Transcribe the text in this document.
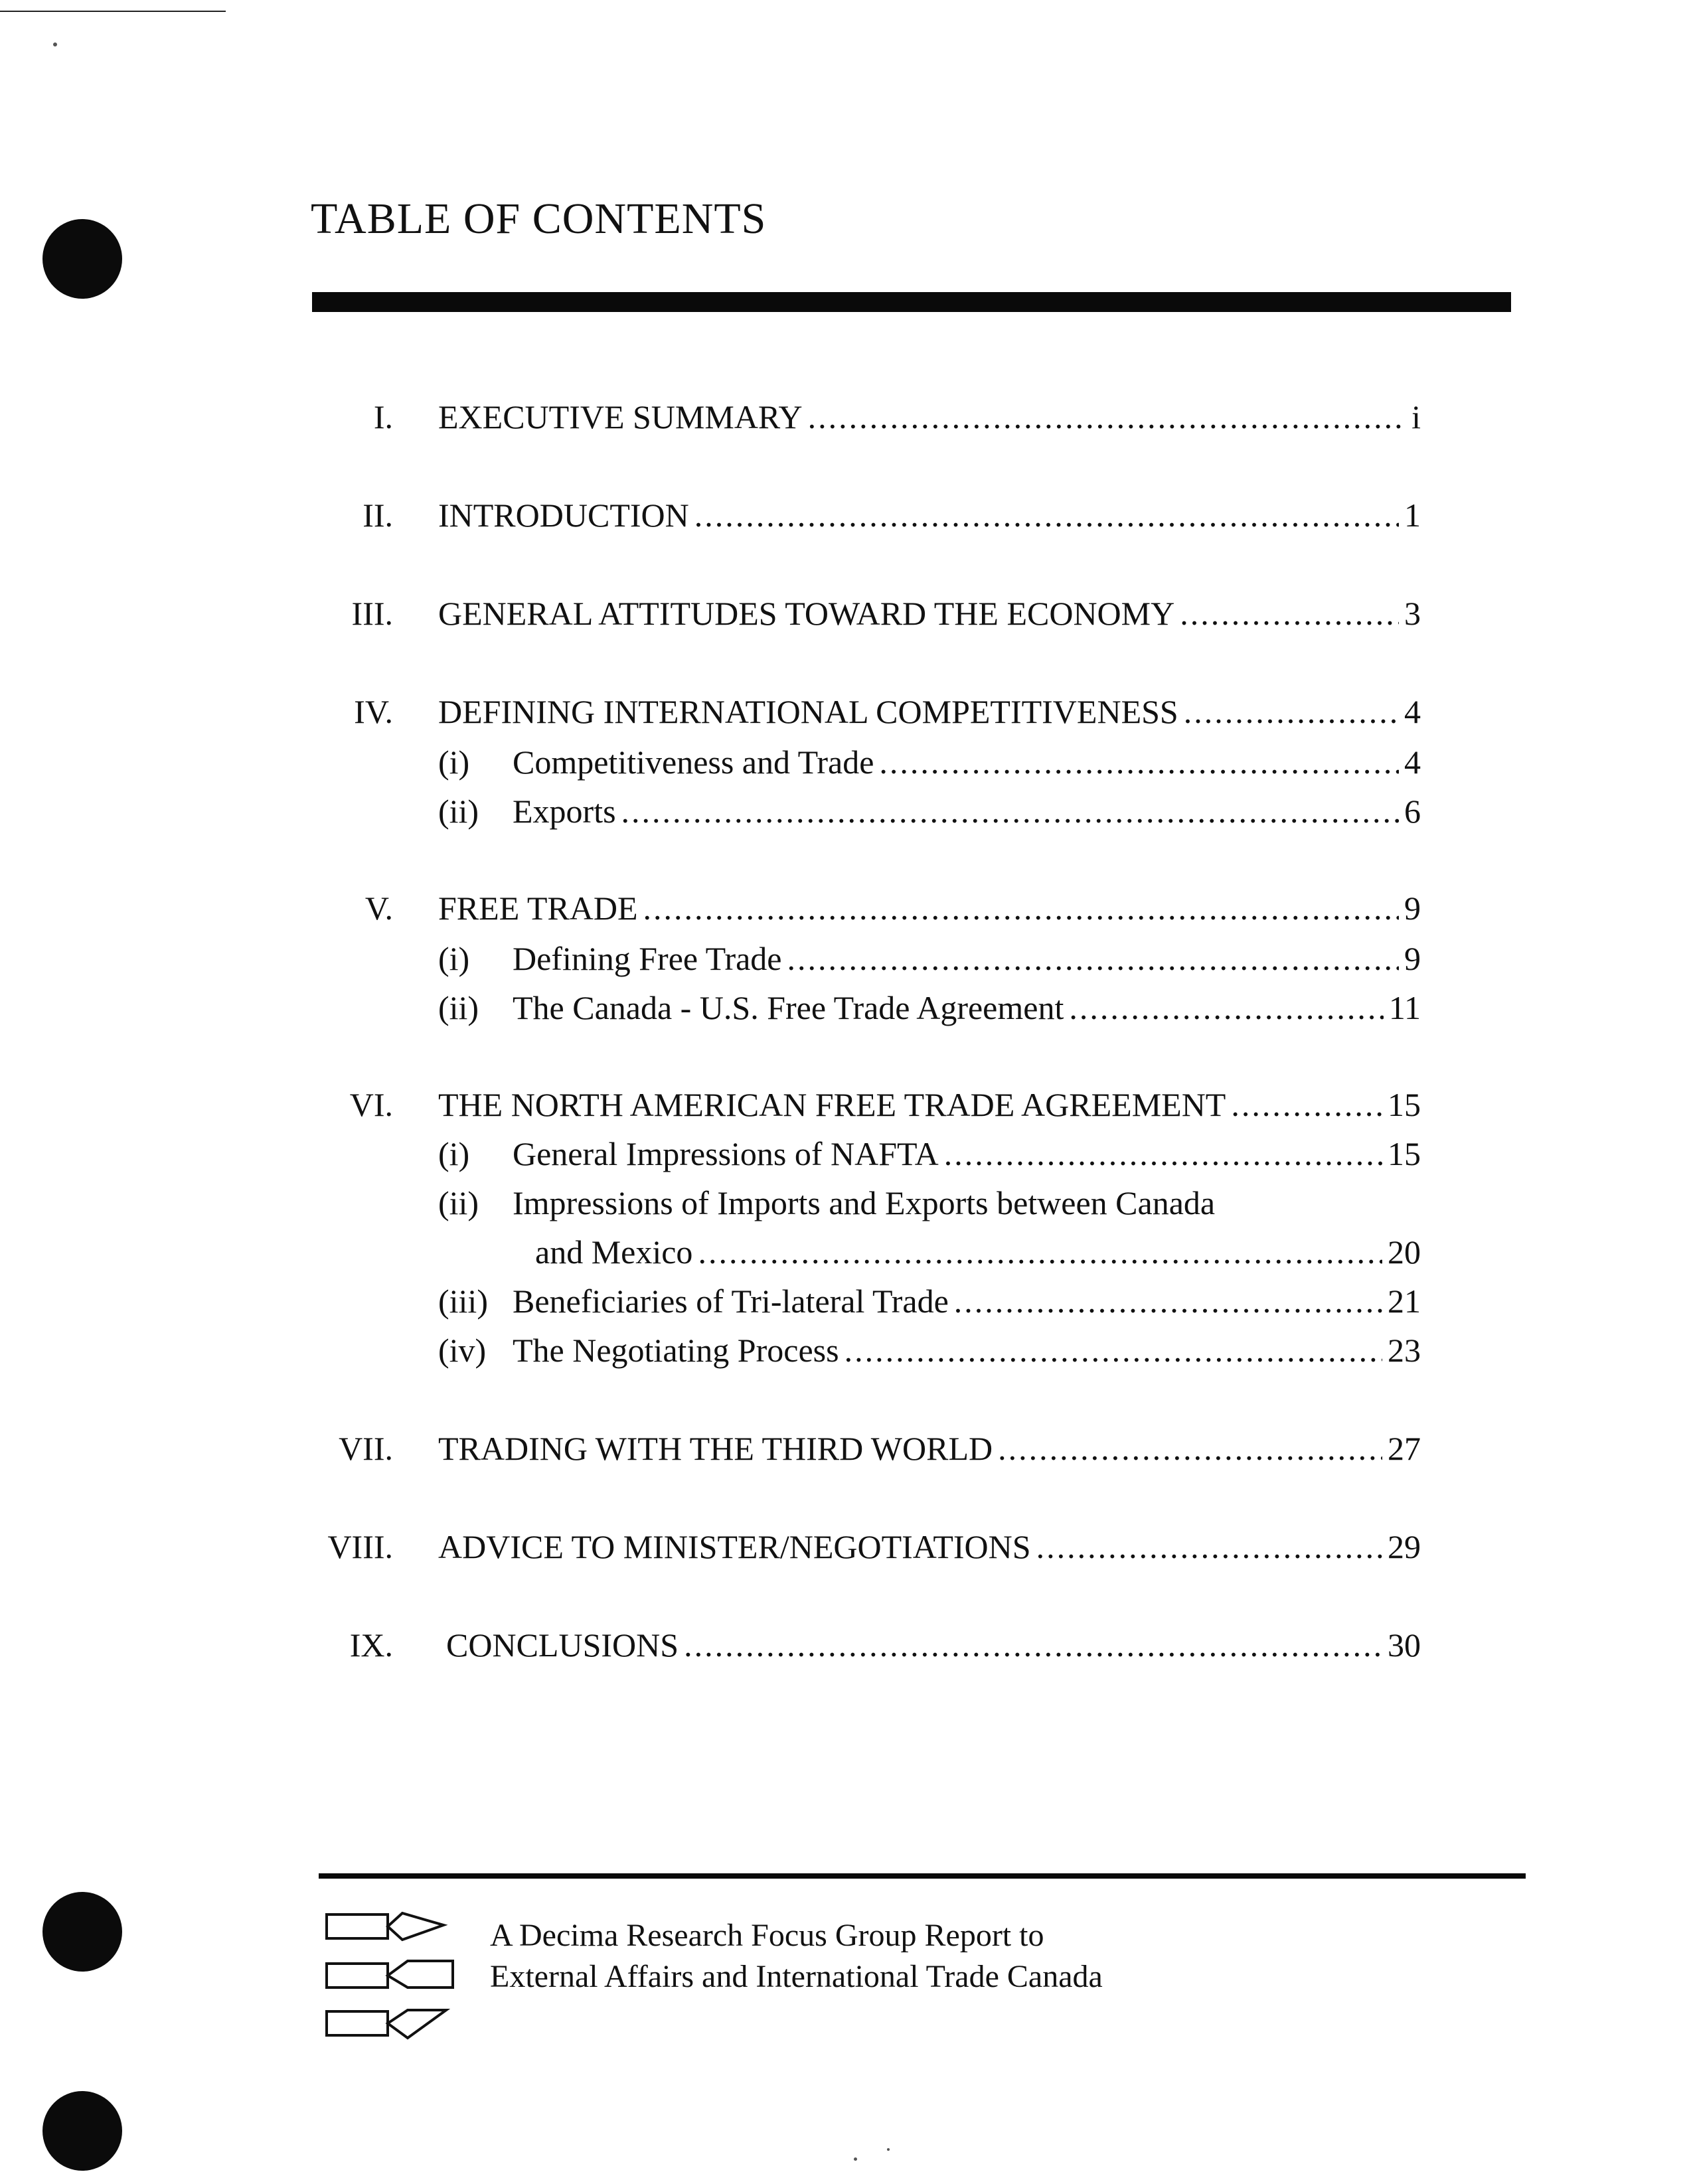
TABLE OF CONTENTS
I.	EXECUTIVE SUMMARY .....	i
II.	INTRODUCTION .....	1
III.	GENERAL ATTITUDES TOWARD THE ECONOMY .....	3
IV.	DEFINING INTERNATIONAL COMPETITIVENESS .....	4
(i)	Competitiveness and Trade .....	4
(ii)	Exports .....	6
V.	FREE TRADE .....	9
(i)	Defining Free Trade .....	9
(ii)	The Canada - U.S. Free Trade Agreement .....	11
VI.	THE NORTH AMERICAN FREE TRADE AGREEMENT .....	15
(i)	General Impressions of NAFTA .....	15
(ii) Impressions of Imports and Exports between Canada
and Mexico .....	20
(iii) Beneficiaries of Tri-lateral Trade .....	21
(iv) The Negotiating Process .....	23
VII.	TRADING WITH THE THIRD WORLD .....	27
VIII.	ADVICE TO MINISTER/NEGOTIATIONS .....	29
IX.	CONCLUSIONS .....	30
A Decima Research Focus Group Report to
External Affairs and International Trade Canada
